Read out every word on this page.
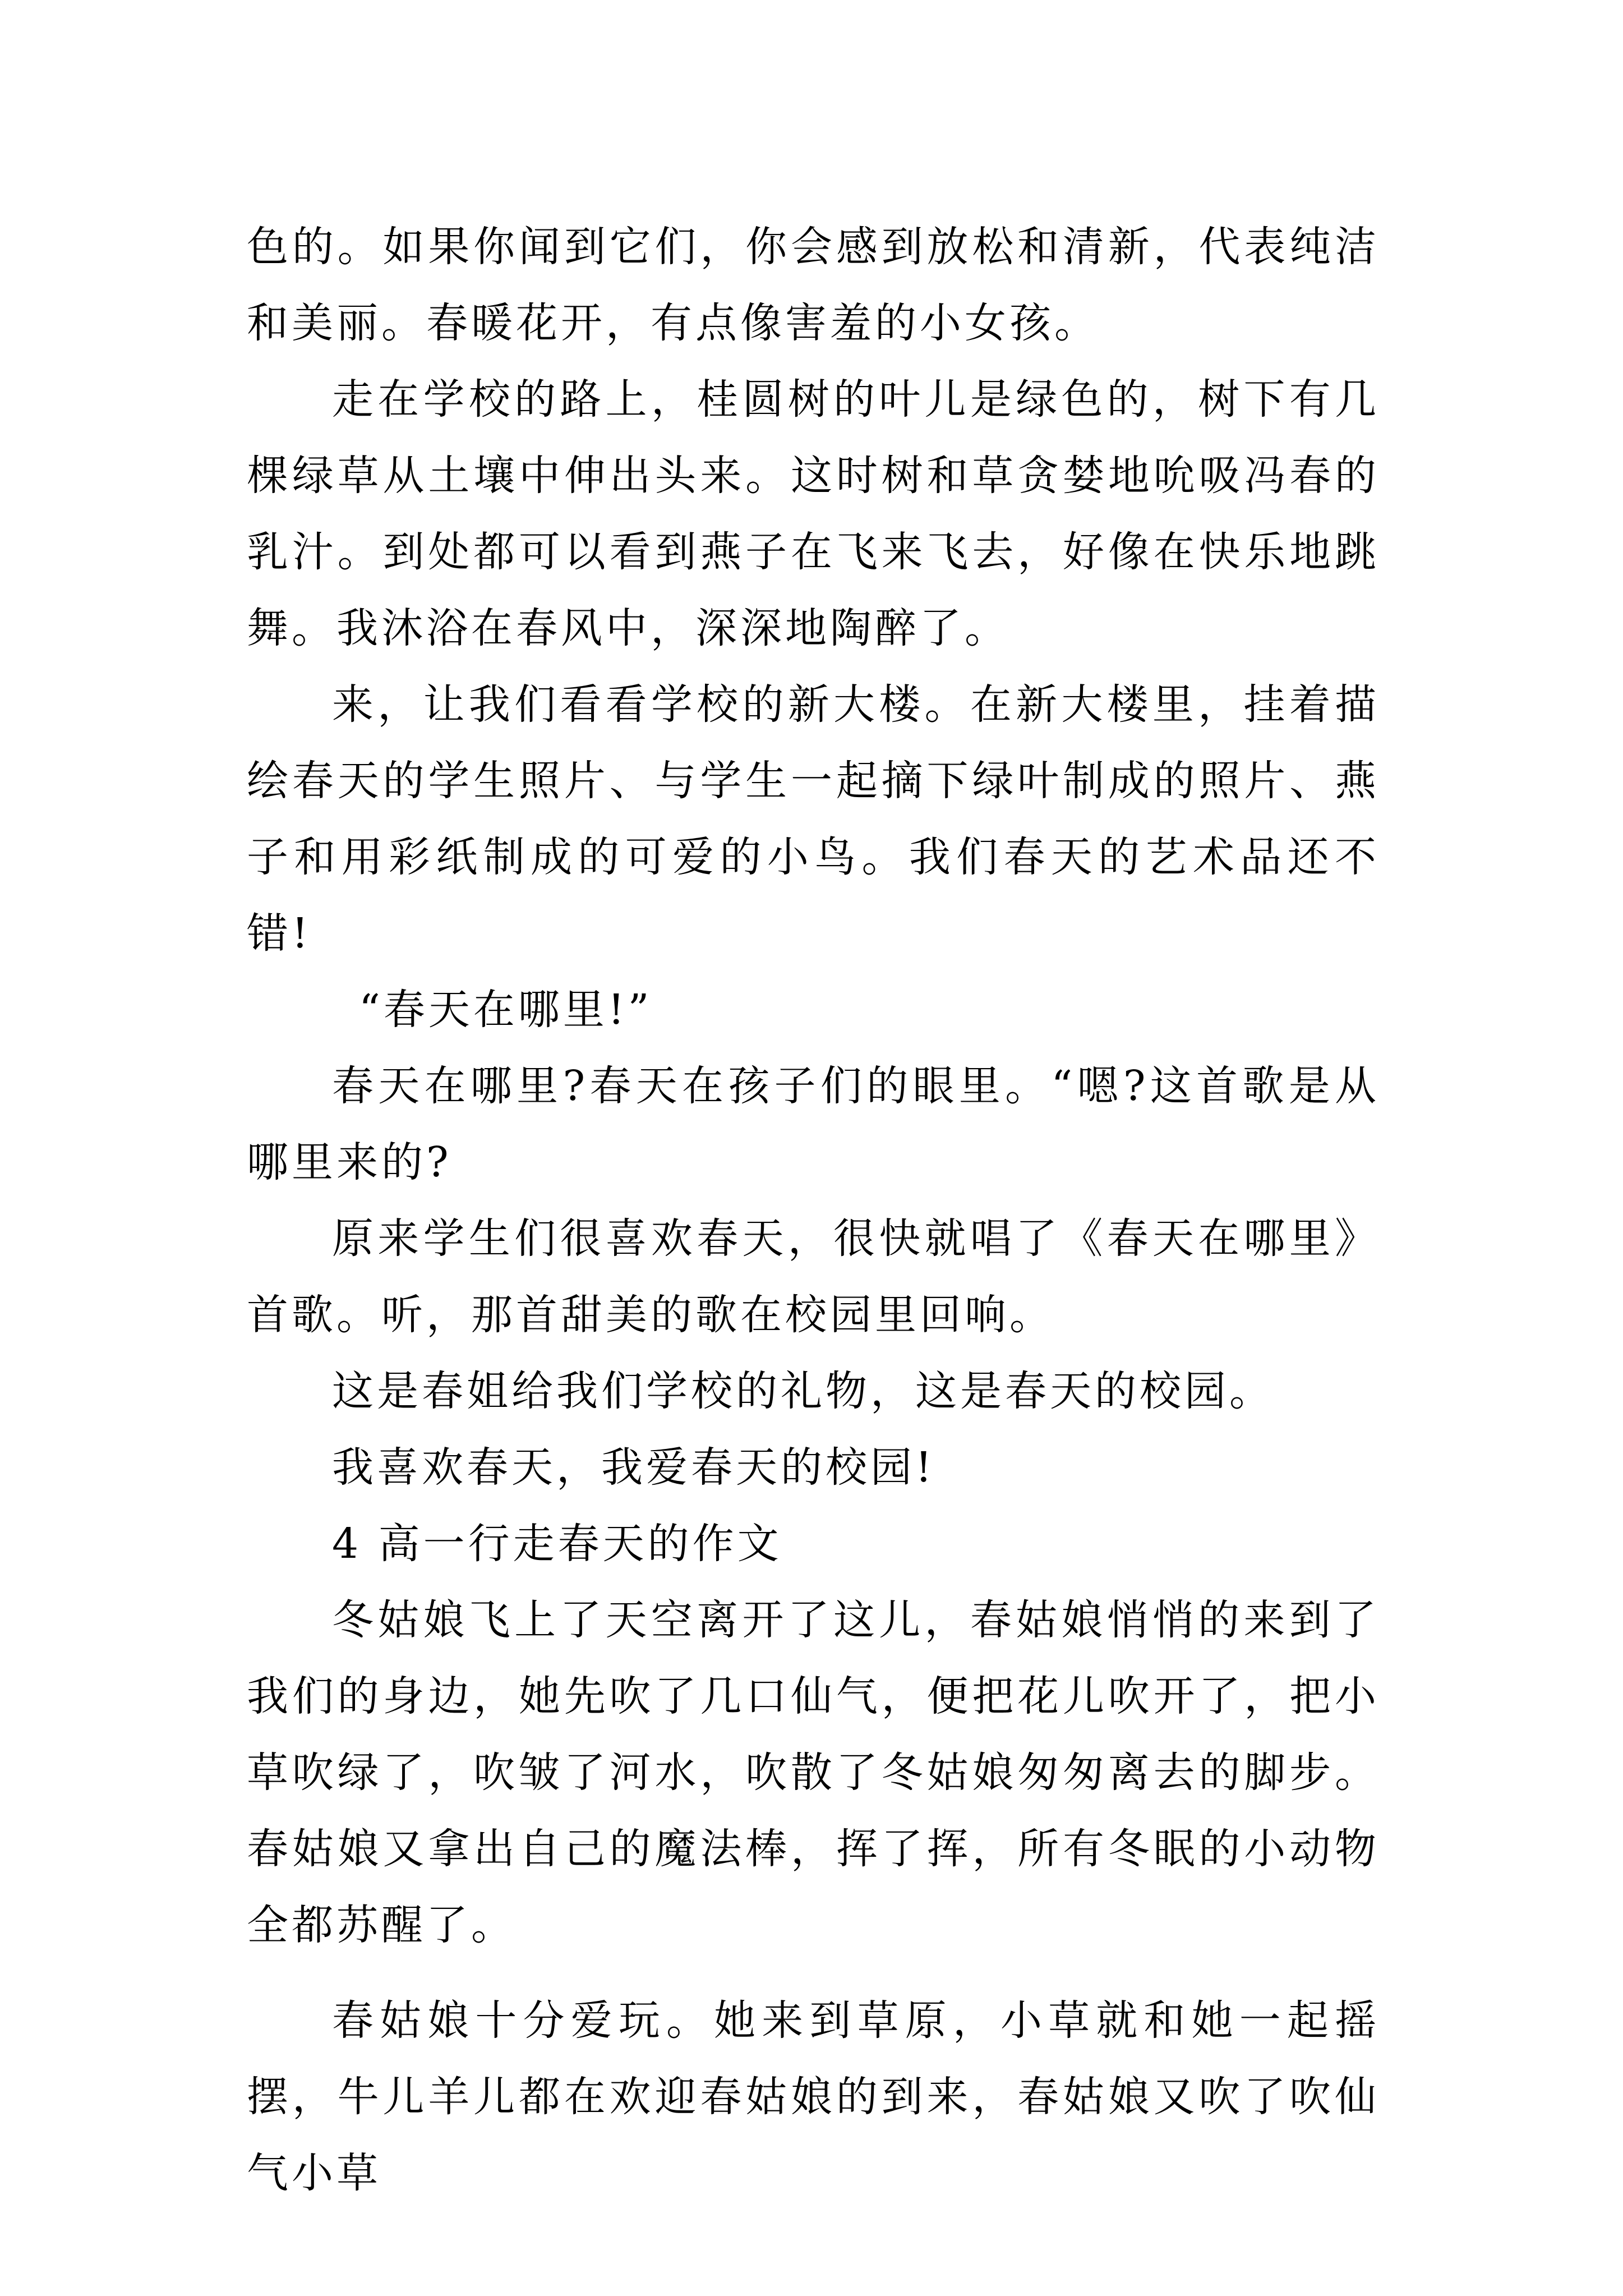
色的。如果你闻到它们，你会感到放松和清新，代表纯洁和美丽。春暖花开，有点像害羞的小女孩。

走在学校的路上，桂圆树的叶儿是绿色的，树下有几棵绿草从土壤中伸出头来。这时树和草贪婪地吮吸冯春的乳汁。到处都可以看到燕子在飞来飞去，好像在快乐地跳舞。我沐浴在春风中，深深地陶醉了。

来，让我们看看学校的新大楼。在新大楼里，挂着描绘春天的学生照片、与学生一起摘下绿叶制成的照片、燕子和用彩纸制成的可爱的小鸟。我们春天的艺术品还不错!

“春天在哪里!”

春天在哪里?春天在孩子们的眼里。“嗯?这首歌是从哪里来的?

原来学生们很喜欢春天，很快就唱了《春天在哪里》首歌。听，那首甜美的歌在校园里回响。

这是春姐给我们学校的礼物，这是春天的校园。

我喜欢春天，我爱春天的校园!

4 高一行走春天的作文

冬姑娘飞上了天空离开了这儿，春姑娘悄悄的来到了我们的身边，她先吹了几口仙气，便把花儿吹开了，把小草吹绿了，吹皱了河水，吹散了冬姑娘匆匆离去的脚步。春姑娘又拿出自己的魔法棒，挥了挥，所有冬眠的小动物全都苏醒了。

春姑娘十分爱玩。她来到草原，小草就和她一起摇摆，牛儿羊儿都在欢迎春姑娘的到来，春姑娘又吹了吹仙气小草
